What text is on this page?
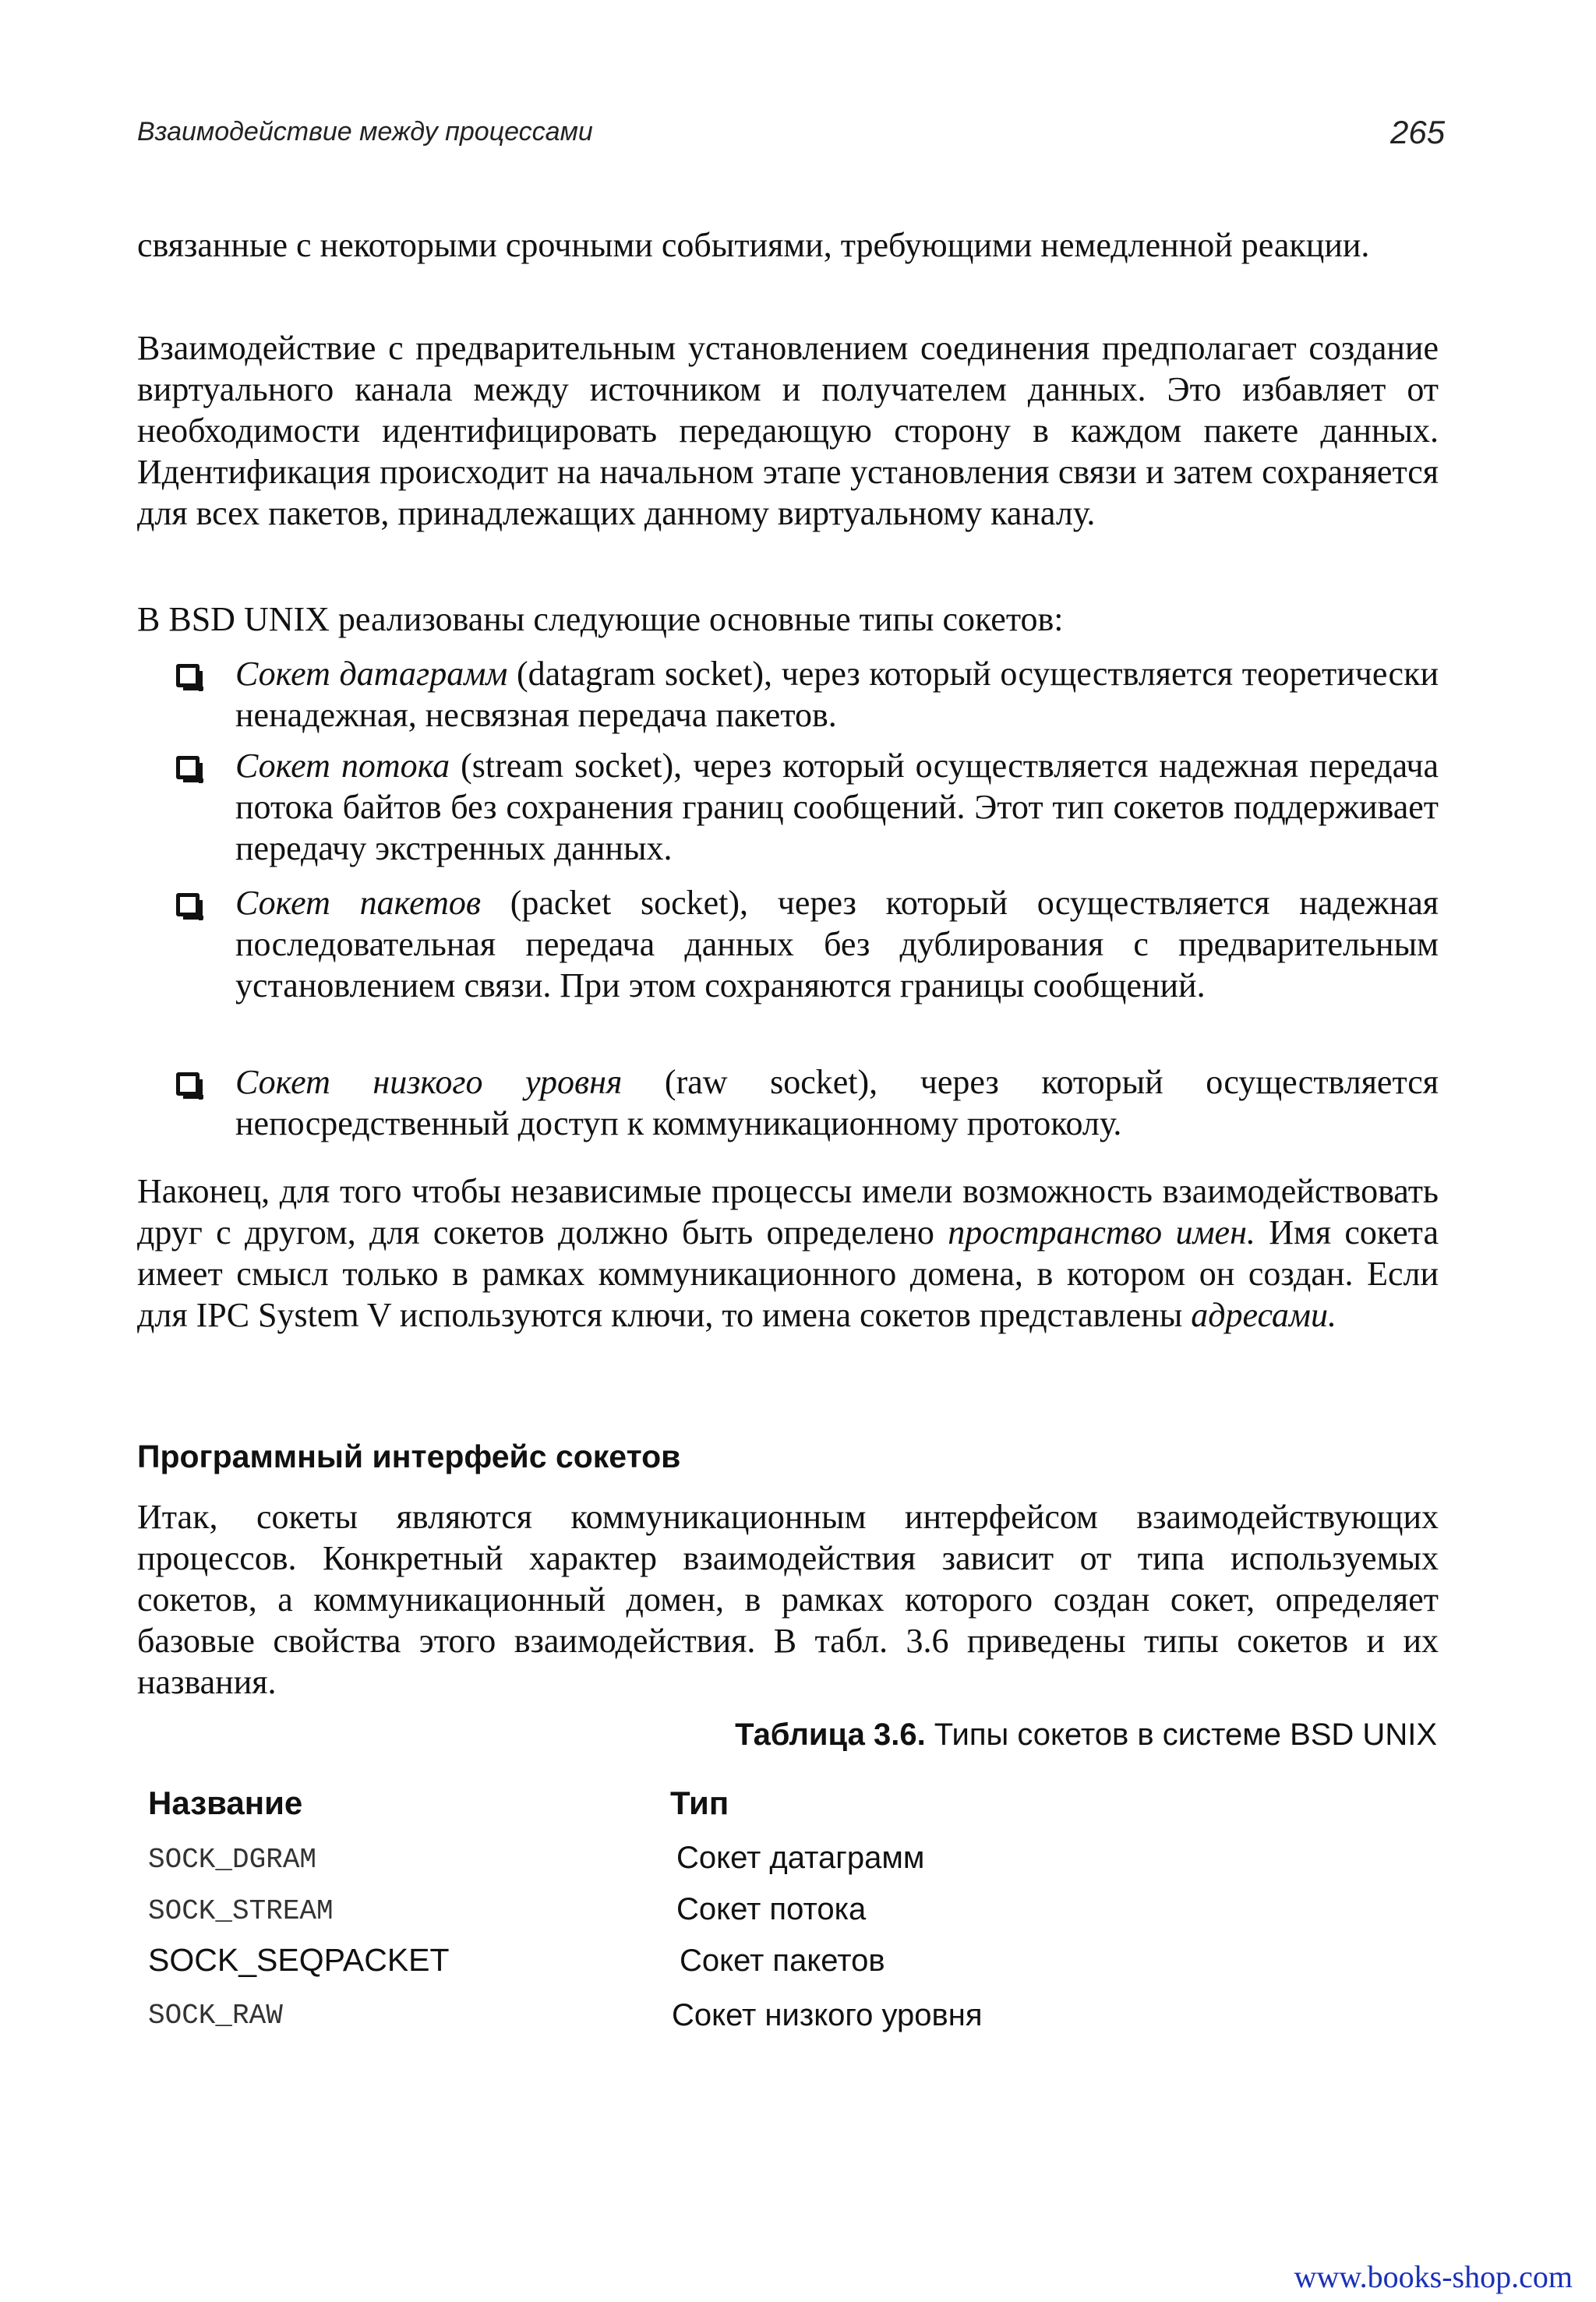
Взаимодействие между процессами	265
связанные с некоторыми срочными событиями, требующими немедленной реакции.
Взаимодействие с предварительным установлением соединения предполагает создание виртуального канала между источником и получателем данных. Это избавляет от необходимости идентифицировать передающую сторону в каждом пакете данных. Идентификация происходит на начальном этапе установления связи и затем сохраняется для всех пакетов, принадлежащих данному виртуальному каналу.
В BSD UNIX реализованы следующие основные типы сокетов:
Сокет датаграмм (datagram socket), через который осуществляется теоретически ненадежная, несвязная передача пакетов.
Сокет потока (stream socket), через который осуществляется надежная передача потока байтов без сохранения границ сообщений. Этот тип сокетов поддерживает передачу экстренных данных.
Сокет пакетов (packet socket), через который осуществляется надежная последовательная передача данных без дублирования с предварительным установлением связи. При этом сохраняются границы сообщений.
Сокет низкого уровня (raw socket), через который осуществляется непосредственный доступ к коммуникационному протоколу.
Наконец, для того чтобы независимые процессы имели возможность взаимодействовать друг с другом, для сокетов должно быть определено пространство имен. Имя сокета имеет смысл только в рамках коммуникационного домена, в котором он создан. Если для IPC System V используются ключи, то имена сокетов представлены адресами.
Программный интерфейс сокетов
Итак, сокеты являются коммуникационным интерфейсом взаимодействующих процессов. Конкретный характер взаимодействия зависит от типа используемых сокетов, а коммуникационный домен, в рамках которого создан сокет, определяет базовые свойства этого взаимодействия. В табл. 3.6 приведены типы сокетов и их названия.
Таблица 3.6. Типы сокетов в системе BSD UNIX
Название	Тип
SOCK_DGRAM	Сокет датаграмм
SOCK_STREAM	Сокет потока
SOCK_SEQPACKET	Сокет пакетов
SOCK_RAW	Сокет низкого уровня
www.books-shop.com
